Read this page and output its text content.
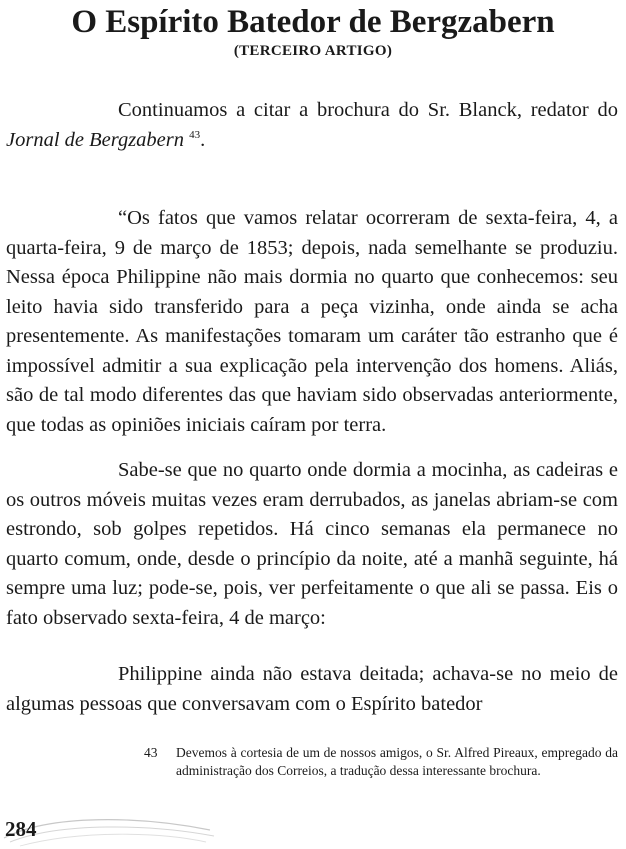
O Espírito Batedor de Bergzabern
(TERCEIRO ARTIGO)

Continuamos a citar a brochura do Sr. Blanck, redator do Jornal de Bergzabern $^{43}$.

“Os fatos que vamos relatar ocorreram de sexta-feira, 4, a quarta-feira, 9 de março de 1853; depois, nada semelhante se produziu. Nessa época Philippine não mais dormia no quarto que conhecemos: seu leito havia sido transferido para a peça vizinha, onde ainda se acha presentemente. As manifestações tomaram um caráter tão estranho que é impossível admitir a sua explicação pela intervenção dos homens. Aliás, são de tal modo diferentes das que haviam sido observadas anteriormente, que todas as opiniões iniciais caíram por terra.

Sabe-se que no quarto onde dormia a mocinha, as cadeiras e os outros móveis muitas vezes eram derrubados, as janelas abriam-se com estrondo, sob golpes repetidos. Há cinco semanas ela permanece no quarto comum, onde, desde o princípio da noite, até a manhã seguinte, há sempre uma luz; pode-se, pois, ver perfeitamente o que ali se passa. Eis o fato observado sexta-feira, 4 de março:

Philippine ainda não estava deitada; achava-se no meio de algumas pessoas que conversavam com o Espírito batedor

43	Devemos à cortesia de um de nossos amigos, o Sr. Alfred Pireaux, empregado da administração dos Correios, a tradução dessa interessante brochura.
284
